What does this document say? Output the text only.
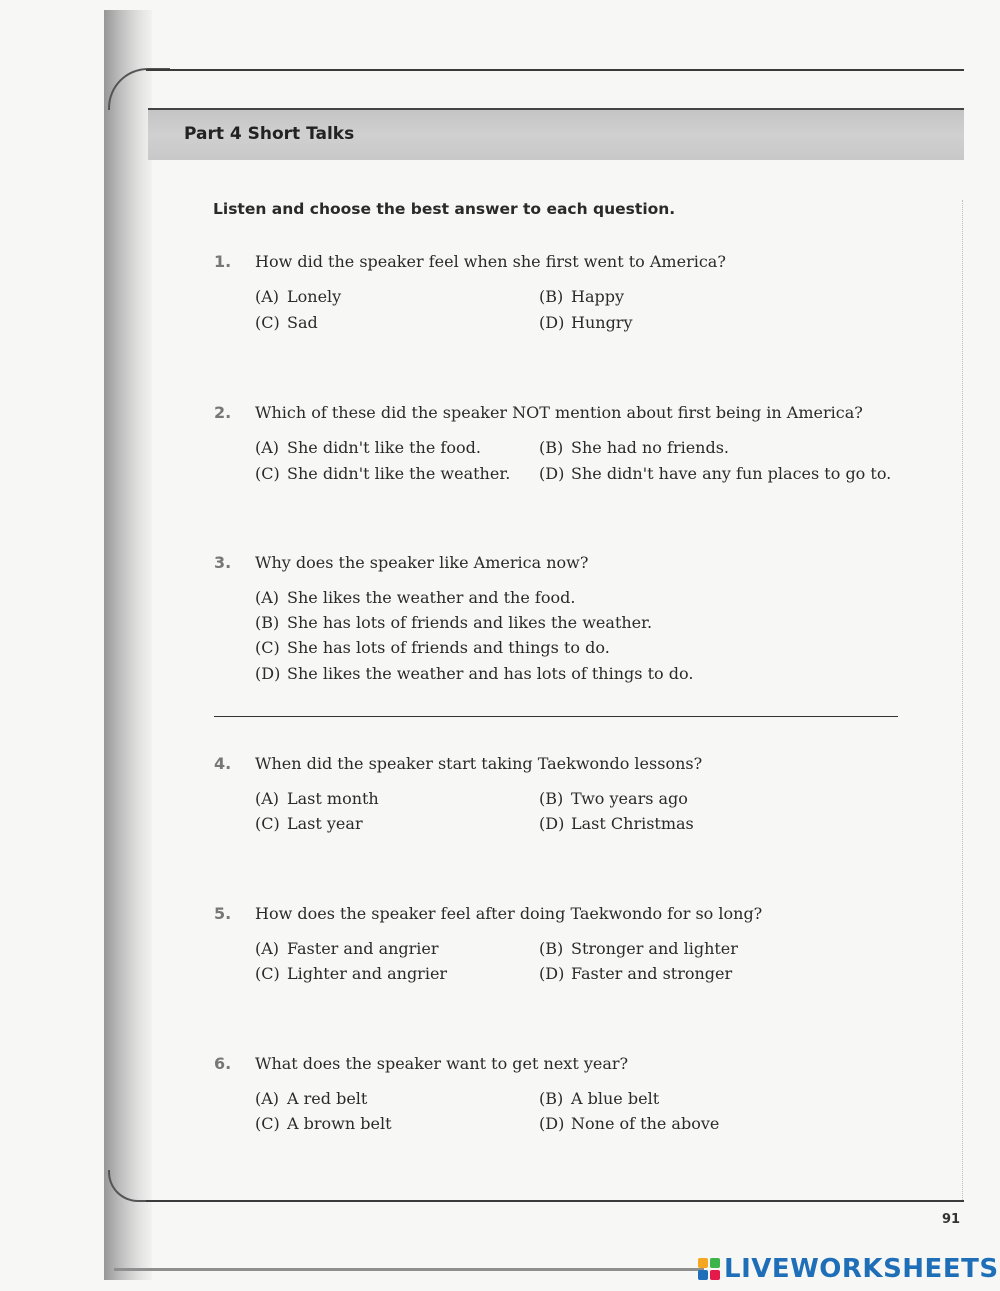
Part 4 Short Talks
Listen and choose the best answer to each question.
1. How did the speaker feel when she first went to America?
(A) Lonely	(B) Happy
(C) Sad	(D) Hungry
2. Which of these did the speaker NOT mention about first being in America?
(A) She didn't like the food.	(B) She had no friends.
(C) She didn't like the weather. (D) She didn't have any fun places to go to.
3. Why does the speaker like America now?
(A) She likes the weather and the food.
(B) She has lots of friends and likes the weather.
(C) She has lots of friends and things to do.
(D) She likes the weather and has lots of things to do.
4. When did the speaker start taking Taekwondo lessons?
(A) Last month	(B) Two years ago
(C) Last year	(D) Last Christmas
5. How does the speaker feel after doing Taekwondo for so long?
(A) Faster and angrier	(B) Stronger and lighter
(C) Lighter and angrier	(D) Faster and stronger
6. What does the speaker want to get next year?
(A) A red belt	(B) A blue belt
(C) A brown belt	(D) None of the above
91
LIVEWORKSHEETS
